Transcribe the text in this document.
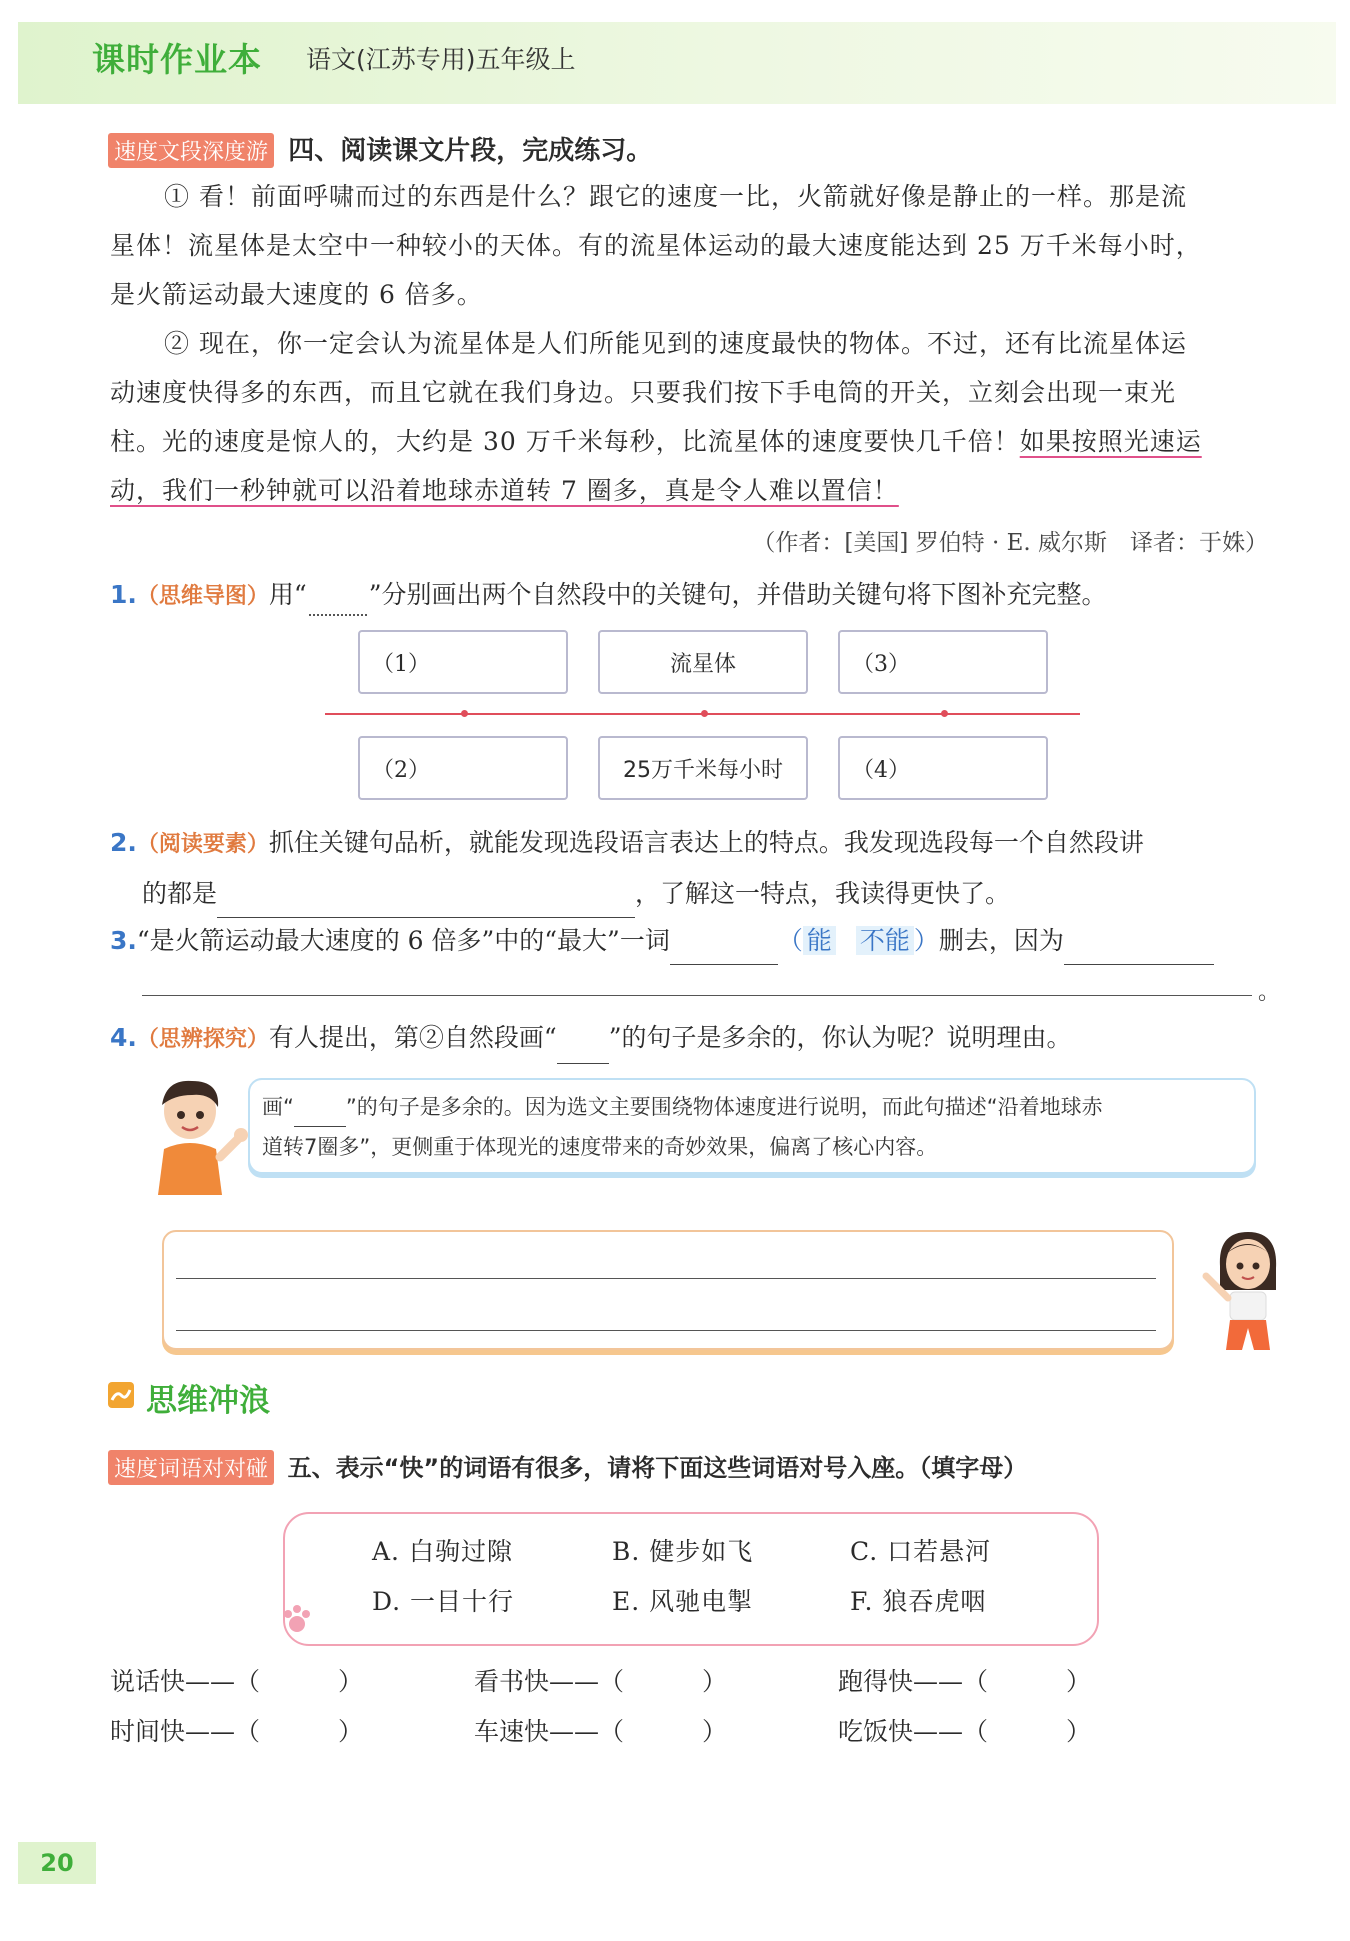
课时作业本 语文(江苏专用)五年级上
速度文段深度游 四、阅读课文片段，完成练习。
① 看！前面呼啸而过的东西是什么？跟它的速度一比，火箭就好像是静止的一样。那是流
星体！流星体是太空中一种较小的天体。有的流星体运动的最大速度能达到 25 万千米每小时，
是火箭运动最大速度的 6 倍多。
② 现在，你一定会认为流星体是人们所能见到的速度最快的物体。不过，还有比流星体运
动速度快得多的东西，而且它就在我们身边。只要我们按下手电筒的开关，立刻会出现一束光
柱。光的速度是惊人的，大约是 30 万千米每秒，比流星体的速度要快几千倍！如果按照光速运
动，我们一秒钟就可以沿着地球赤道转 7 圈多，真是令人难以置信！
（作者：[美国] 罗伯特 · E. 威尔斯　译者：于姝）
1.（思维导图）用“ ”分别画出两个自然段中的关键句，并借助关键句将下图补充完整。
（1）	流星体	（3）
（2）	25万千米每小时	（4）
2.（阅读要素）抓住关键句品析，就能发现选段语言表达上的特点。我发现选段每一个自然段讲
的都是	，了解这一特点，我读得更快了。
3.“是火箭运动最大速度的 6 倍多”中的“最大”一词	（ 能 不能 ）删去，因为
。
4.（思辨探究）有人提出，第②自然段画“ ”的句子是多余的，你认为呢？说明理由。
画“ ”的句子是多余的。因为选文主要围绕物体速度进行说明，而此句描述“沿着地球赤
道转7圈多”，更侧重于体现光的速度带来的奇妙效果，偏离了核心内容。
思维冲浪
速度词语对对碰 五、表示“快”的词语有很多，请将下面这些词语对号入座。（填字母）
A. 白驹过隙	B. 健步如飞	C. 口若悬河
D. 一目十行	E. 风驰电掣	F. 狼吞虎咽
说话快——（	）	看书快——（	）	跑得快——（	）
时间快——（	）	车速快——（	）	吃饭快——（	）
20
